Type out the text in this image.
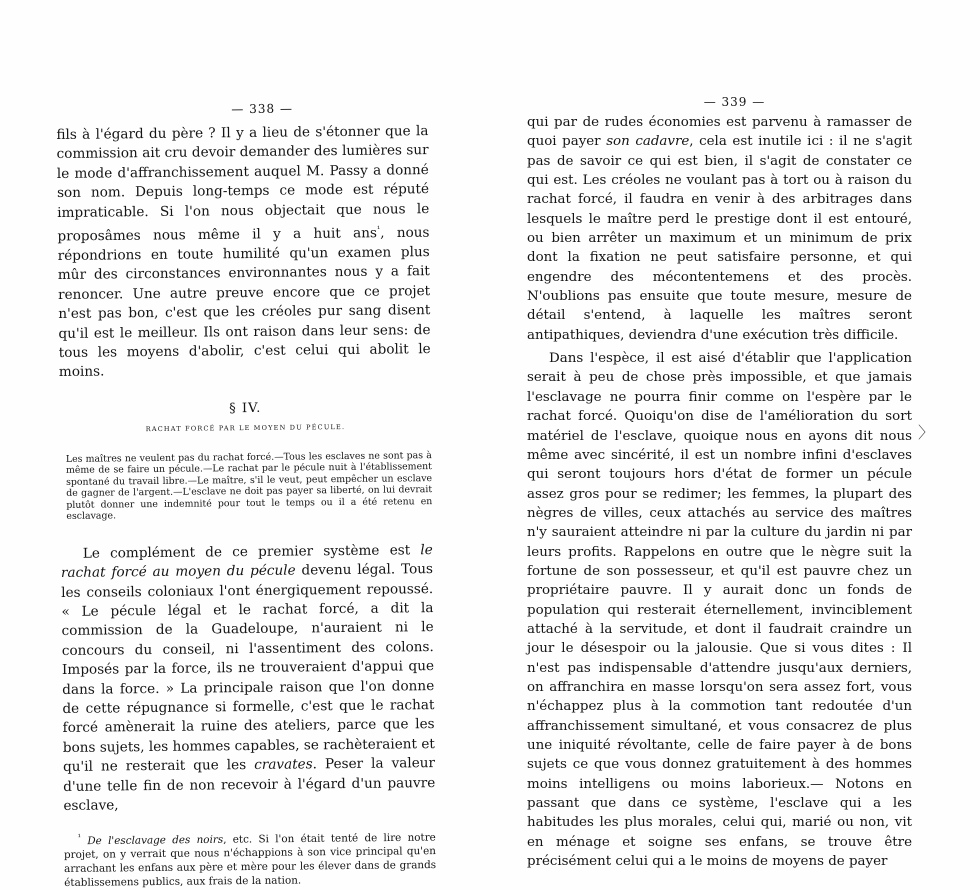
— 338 —

fils à l'égard du père ? Il y a lieu de s'étonner que la commission ait cru devoir demander des lumières sur le mode d'affranchissement auquel M. Passy a donné son nom. Depuis long-temps ce mode est réputé impraticable. Si l'on nous objectait que nous le proposâmes nous même il y a huit ans$^{^1}$, nous répondrions en toute humilité qu'un examen plus mûr des circonstances environnantes nous y a fait renoncer. Une autre preuve encore que ce projet n'est pas bon, c'est que les créoles pur sang disent qu'il est le meilleur. Ils ont raison dans leur sens: de tous les moyens d'abolir, c'est celui qui abolit le moins.

§ IV.
RACHAT FORCÉ PAR LE MOYEN DU PÉCULE.
Les maîtres ne veulent pas du rachat forcé.—Tous les esclaves ne sont pas à même de se faire un pécule.—Le rachat par le pécule nuit à l'établissement spontané du travail libre.—Le maître, s'il le veut, peut empêcher un esclave de gagner de l'argent.—L'esclave ne doit pas payer sa liberté, on lui devrait plutôt donner une indemnité pour tout le temps ou il a été retenu en esclavage.

Le complément de ce premier système est le rachat forcé au moyen du pécule devenu légal. Tous les conseils coloniaux l'ont énergiquement repoussé. « Le pécule légal et le rachat forcé, a dit la commission de la Guadeloupe, n'auraient ni le concours du conseil, ni l'assentiment des colons. Imposés par la force, ils ne trouveraient d'appui que dans la force. » La principale raison que l'on donne de cette répugnance si formelle, c'est que le rachat forcé amènerait la ruine des ateliers, parce que les bons sujets, les hommes capables, se rachèteraient et qu'il ne resterait que les cravates. Peser la valeur d'une telle fin de non recevoir à l'égard d'un pauvre esclave,

$^{^1}$ De l'esclavage des noirs, etc. Si l'on était tenté de lire notre projet, on y verrait que nous n'échappions à son vice principal qu'en arrachant les enfans aux père et mère pour les élever dans de grands établissemens publics, aux frais de la nation.
— 339 —

qui par de rudes économies est parvenu à ramasser de quoi payer son cadavre, cela est inutile ici : il ne s'agit pas de savoir ce qui est bien, il s'agit de constater ce qui est. Les créoles ne voulant pas à tort ou à raison du rachat forcé, il faudra en venir à des arbitrages dans lesquels le maître perd le prestige dont il est entouré, ou bien arrêter un maximum et un minimum de prix dont la fixation ne peut satisfaire personne, et qui engendre des mécontentemens et des procès. N'oublions pas ensuite que toute mesure, mesure de détail s'entend, à laquelle les maîtres seront antipathiques, deviendra d'une exécution très difficile.

Dans l'espèce, il est aisé d'établir que l'application serait à peu de chose près impossible, et que jamais l'esclavage ne pourra finir comme on l'espère par le rachat forcé. Quoiqu'on dise de l'amélioration du sort matériel de l'esclave, quoique nous en ayons dit nous même avec sincérité, il est un nombre infini d'esclaves qui seront toujours hors d'état de former un pécule assez gros pour se redimer; les femmes, la plupart des nègres de villes, ceux attachés au service des maîtres n'y sauraient atteindre ni par la culture du jardin ni par leurs profits. Rappelons en outre que le nègre suit la fortune de son possesseur, et qu'il est pauvre chez un propriétaire pauvre. Il y aurait donc un fonds de population qui resterait éternellement, invinciblement attaché à la servitude, et dont il faudrait craindre un jour le désespoir ou la jalousie. Que si vous dites : Il n'est pas indispensable d'attendre jusqu'aux derniers, on affranchira en masse lorsqu'on sera assez fort, vous n'échappez plus à la commotion tant redoutée d'un affranchissement simultané, et vous consacrez de plus une iniquité révoltante, celle de faire payer à de bons sujets ce que vous donnez gratuitement à des hommes moins intelligens ou moins laborieux.— Notons en passant que dans ce système, l'esclave qui a les habitudes les plus morales, celui qui, marié ou non, vit en ménage et soigne ses enfans, se trouve être précisément celui qui a le moins de moyens de payer

〉
